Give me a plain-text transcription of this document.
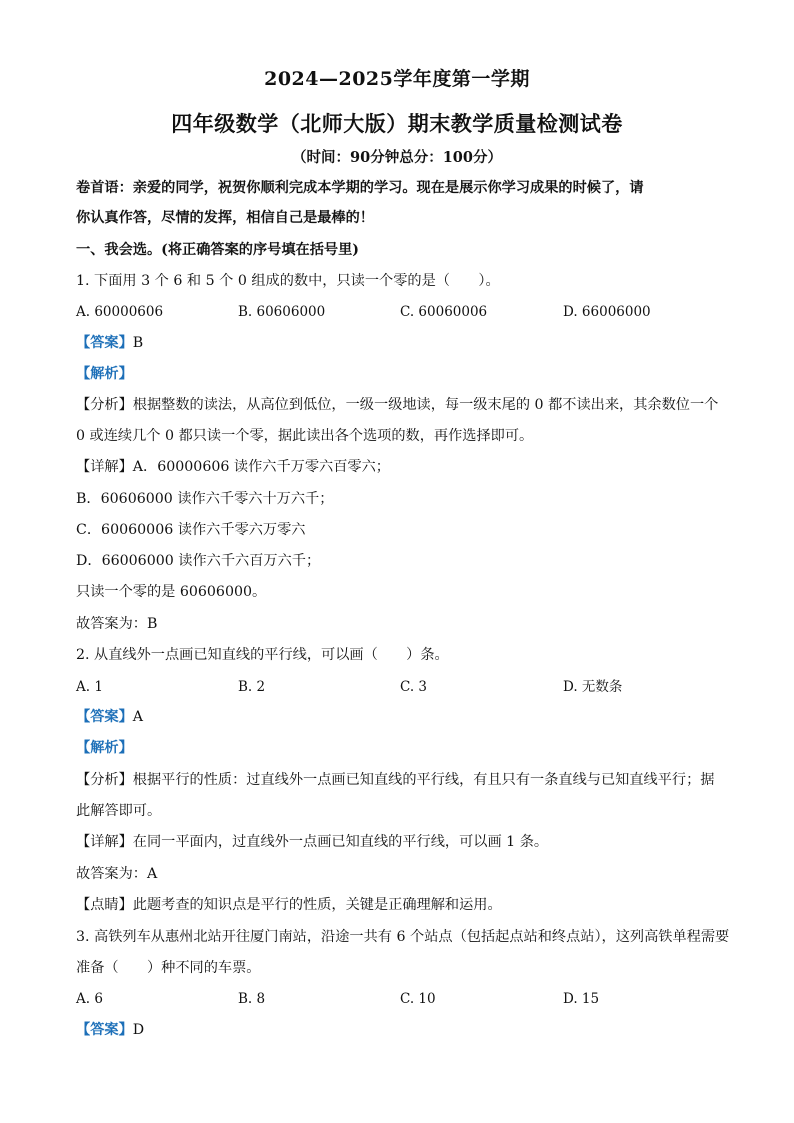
2024—2025学年度第一学期
四年级数学（北师大版）期末教学质量检测试卷
（时间：90分钟总分：100分）
卷首语：亲爱的同学，祝贺你顺利完成本学期的学习。现在是展示你学习成果的时候了，请
你认真作答，尽情的发挥，相信自己是最棒的！
一、我会选。(将正确答案的序号填在括号里)
1. 下面用 3 个 6 和 5 个 0 组成的数中，只读一个零的是（　　）。
A. 60000606	B. 60606000	C. 60060006	D. 66006000
【答案】B
【解析】
【分析】根据整数的读法，从高位到低位，一级一级地读，每一级末尾的 0 都不读出来，其余数位一个
0 或连续几个 0 都只读一个零，据此读出各个选项的数，再作选择即可。
【详解】A．60000606 读作六千万零六百零六；
B．60606000 读作六千零六十万六千；
C．60060006 读作六千零六万零六
D．66006000 读作六千六百万六千；
只读一个零的是 60606000。
故答案为：B
2. 从直线外一点画已知直线的平行线，可以画（　　）条。
A. 1	B. 2	C. 3	D. 无数条
【答案】A
【解析】
【分析】根据平行的性质：过直线外一点画已知直线的平行线，有且只有一条直线与已知直线平行；据
此解答即可。
【详解】在同一平面内，过直线外一点画已知直线的平行线，可以画 1 条。
故答案为：A
【点睛】此题考查的知识点是平行的性质，关键是正确理解和运用。
3. 高铁列车从惠州北站开往厦门南站，沿途一共有 6 个站点（包括起点站和终点站），这列高铁单程需要
准备（　　）种不同的车票。
A. 6	B. 8	C. 10	D. 15
【答案】D
